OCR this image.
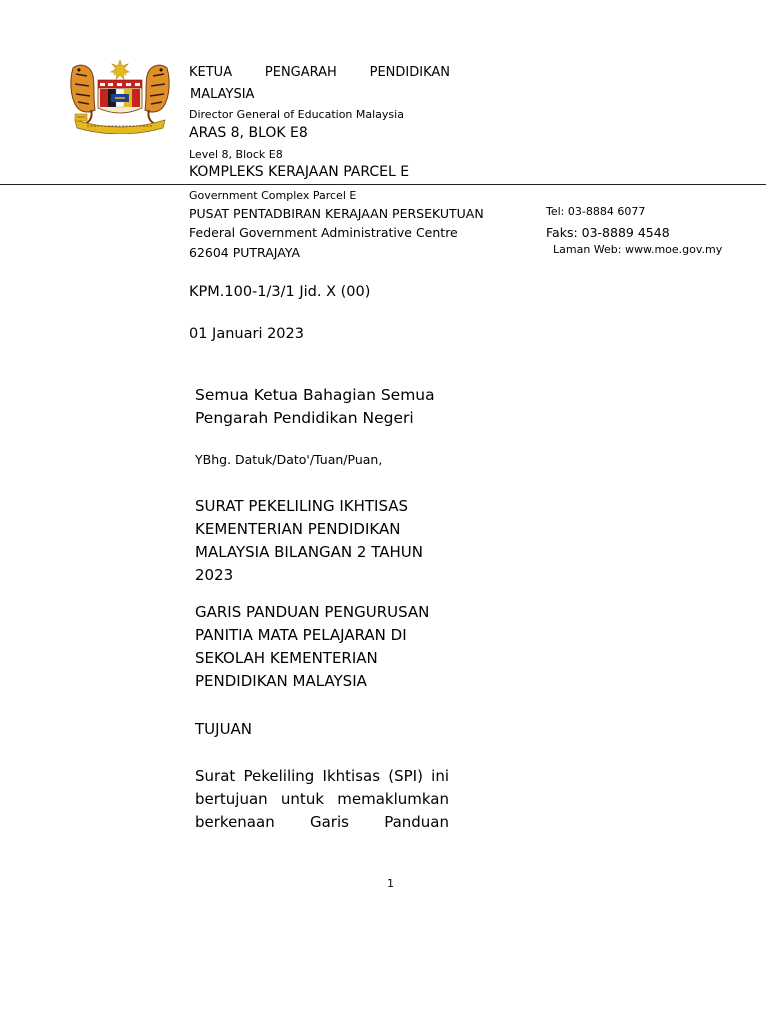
KETUA	PENGARAH	PENDIDIKAN
MALAYSIA
Director General of Education Malaysia
ARAS 8, BLOK E8
Level 8, Block E8
KOMPLEKS KERAJAAN PARCEL E
Government Complex Parcel E
PUSAT PENTADBIRAN KERAJAAN PERSEKUTUAN
Federal Government Administrative Centre
62604 PUTRAJAYA
Tel: 03-8884 6077
Faks: 03-8889 4548
Laman Web: www.moe.gov.my
KPM.100-1/3/1 Jid. X (00)
01 Januari 2023
Semua Ketua Bahagian Semua Pengarah Pendidikan Negeri
YBhg. Datuk/Dato'/Tuan/Puan,
SURAT PEKELILING IKHTISAS KEMENTERIAN PENDIDIKAN MALAYSIA BILANGAN 2 TAHUN 2023
GARIS PANDUAN PENGURUSAN PANITIA MATA PELAJARAN DI SEKOLAH KEMENTERIAN PENDIDIKAN MALAYSIA
TUJUAN
Surat Pekeliling Ikhtisas (SPI) ini bertujuan untuk memaklumkan berkenaan Garis Panduan
1
